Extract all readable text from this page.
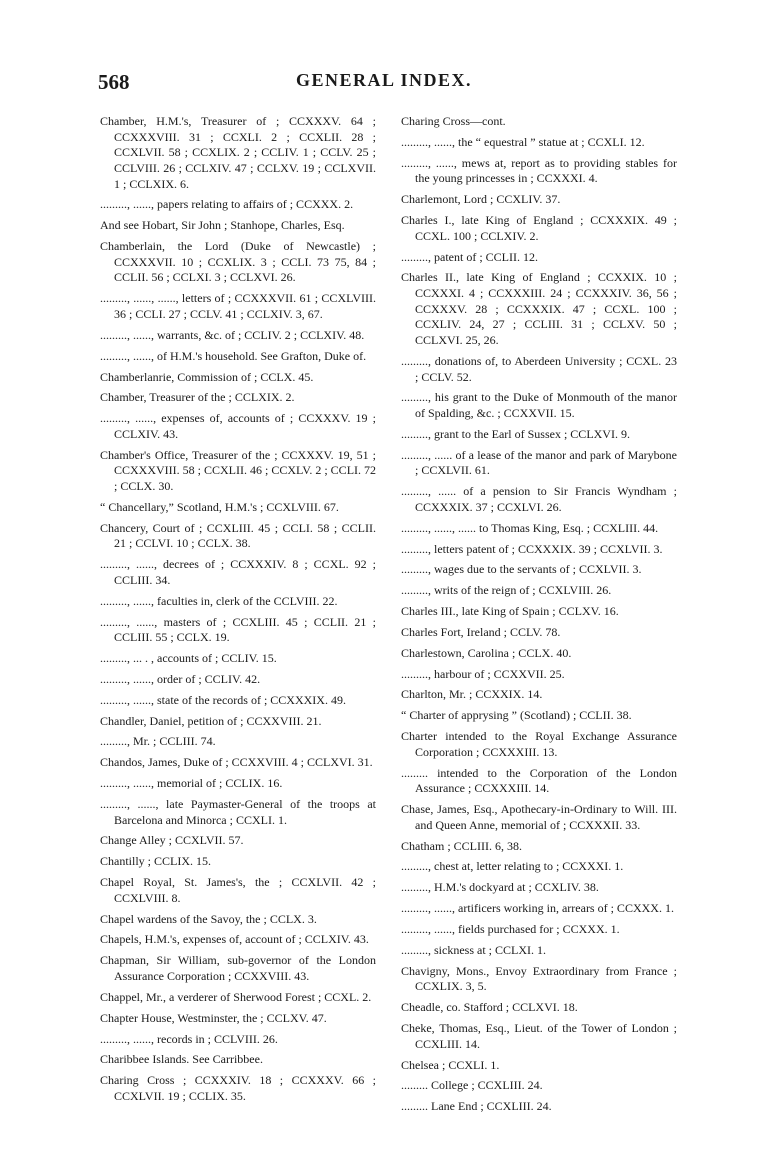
568	GENERAL INDEX.

Chamber, H.M.'s, Treasurer of ; CCXXXV. 64 ; CCXXXVIII. 31 ; CCXLI. 2 ; CCXLII. 28 ; CCXLVII. 58 ; CCXLIX. 2 ; CCLIV. 1 ; CCLV. 25 ; CCLVIII. 26 ; CCLXIV. 47 ; CCLXV. 19 ; CCLXVII. 1 ; CCLXIX. 6.

........., ......, papers relating to affairs of ; CCXXX. 2.

And see Hobart, Sir John ; Stanhope, Charles, Esq.

Chamberlain, the Lord (Duke of Newcastle) ; CCXXXVII. 10 ; CCXLIX. 3 ; CCLI. 73 75, 84 ; CCLII. 56 ; CCLXI. 3 ; CCLXVI. 26.

........., ......, ......, letters of ; CCXXXVII. 61 ; CCXLVIII. 36 ; CCLI. 27 ; CCLV. 41 ; CCLXIV. 3, 67.

........., ......, warrants, &c. of ; CCLIV. 2 ; CCLXIV. 48.

........., ......, of H.M.'s household. See Grafton, Duke of.

Chamberlanrie, Commission of ; CCLX. 45.

Chamber, Treasurer of the ; CCLXIX. 2.

........., ......, expenses of, accounts of ; CCXXXV. 19 ; CCLXIV. 43.

Chamber's Office, Treasurer of the ; CCXXXV. 19, 51 ; CCXXXVIII. 58 ; CCXLII. 46 ; CCXLV. 2 ; CCLI. 72 ; CCLX. 30.

“ Chancellary,” Scotland, H.M.'s ; CCXLVIII. 67.

Chancery, Court of ; CCXLIII. 45 ; CCLI. 58 ; CCLII. 21 ; CCLVI. 10 ; CCLX. 38.

........., ......, decrees of ; CCXXXIV. 8 ; CCXL. 92 ; CCLIII. 34.

........., ......, faculties in, clerk of the CCLVIII. 22.

........., ......, masters of ; CCXLIII. 45 ; CCLII. 21 ; CCLIII. 55 ; CCLX. 19.

........., ... . , accounts of ; CCLIV. 15.

........., ......, order of ; CCLIV. 42.

........., ......, state of the records of ; CCXXXIX. 49.

Chandler, Daniel, petition of ; CCXXVIII. 21.

........., Mr. ; CCLIII. 74.

Chandos, James, Duke of ; CCXXVIII. 4 ; CCLXVI. 31.

........., ......, memorial of ; CCLIX. 16.

........., ......, late Paymaster-General of the troops at Barcelona and Minorca ; CCXLI. 1.

Change Alley ; CCXLVII. 57.

Chantilly ; CCLIX. 15.

Chapel Royal, St. James's, the ; CCXLVII. 42 ; CCXLVIII. 8.

Chapel wardens of the Savoy, the ; CCLX. 3.

Chapels, H.M.'s, expenses of, account of ; CCLXIV. 43.

Chapman, Sir William, sub-governor of the London Assurance Corporation ; CCXXVIII. 43.

Chappel, Mr., a verderer of Sherwood Forest ; CCXL. 2.

Chapter House, Westminster, the ; CCLXV. 47.

........., ......, records in ; CCLVIII. 26.

Charibbee Islands. See Carribbee.

Charing Cross ; CCXXXIV. 18 ; CCXXXV. 66 ; CCXLVII. 19 ; CCLIX. 35.

Charing Cross—cont.

........., ......, the “ equestral ” statue at ; CCXLI. 12.

........., ......, mews at, report as to providing stables for the young princesses in ; CCXXXI. 4.

Charlemont, Lord ; CCXLIV. 37.

Charles I., late King of England ; CCXXXIX. 49 ; CCXL. 100 ; CCLXIV. 2.

........., patent of ; CCLII. 12.

Charles II., late King of England ; CCXXIX. 10 ; CCXXXI. 4 ; CCXXXIII. 24 ; CCXXXIV. 36, 56 ; CCXXXV. 28 ; CCXXXIX. 47 ; CCXL. 100 ; CCXLIV. 24, 27 ; CCLIII. 31 ; CCLXV. 50 ; CCLXVI. 25, 26.

........., donations of, to Aberdeen University ; CCXL. 23 ; CCLV. 52.

........., his grant to the Duke of Monmouth of the manor of Spalding, &c. ; CCXXVII. 15.

........., grant to the Earl of Sussex ; CCLXVI. 9.

........., ...... of a lease of the manor and park of Marybone ; CCXLVII. 61.

........., ...... of a pension to Sir Francis Wyndham ; CCXXXIX. 37 ; CCXLVI. 26.

........., ......, ...... to Thomas King, Esq. ; CCXLIII. 44.

........., letters patent of ; CCXXXIX. 39 ; CCXLVII. 3.

........., wages due to the servants of ; CCXLVII. 3.

........., writs of the reign of ; CCXLVIII. 26.

Charles III., late King of Spain ; CCLXV. 16.

Charles Fort, Ireland ; CCLV. 78.

Charlestown, Carolina ; CCLX. 40.

........., harbour of ; CCXXVII. 25.

Charlton, Mr. ; CCXXIX. 14.

“ Charter of apprysing ” (Scotland) ; CCLII. 38.

Charter intended to the Royal Exchange Assurance Corporation ; CCXXXIII. 13.

......... intended to the Corporation of the London Assurance ; CCXXXIII. 14.

Chase, James, Esq., Apothecary-in-Ordinary to Will. III. and Queen Anne, memorial of ; CCXXXII. 33.

Chatham ; CCLIII. 6, 38.

........., chest at, letter relating to ; CCXXXI. 1.

........., H.M.'s dockyard at ; CCXLIV. 38.

........., ......, artificers working in, arrears of ; CCXXX. 1.

........., ......, fields purchased for ; CCXXX. 1.

........., sickness at ; CCLXI. 1.

Chavigny, Mons., Envoy Extraordinary from France ; CCXLIX. 3, 5.

Cheadle, co. Stafford ; CCLXVI. 18.

Cheke, Thomas, Esq., Lieut. of the Tower of London ; CCXLIII. 14.

Chelsea ; CCXLI. 1.

......... College ; CCXLIII. 24.

......... Lane End ; CCXLIII. 24.
